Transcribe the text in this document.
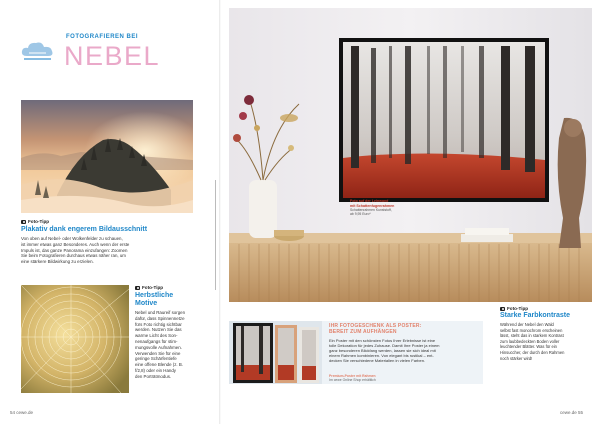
FOTOGRAFIEREN BEI
NEBEL
Foto-Tipp
Plakativ dank engerem Bildausschnitt
Von oben auf Nebel- oder Wolkenfelder zu schauen,
ist immer etwas ganz Besonderes. Auch wenn der erste
Impuls ist, das ganze Panorama einzufangen: Zoomen
Sie beim Fotografieren durchaus etwas näher ran, um
eine stärkere Bildwirkung zu erzielen.
Foto-Tipp
Herbstliche
Motive
Nebel und Raureif sorgen
dafür, dass Spinnennetze
fürs Foto richtig sichtbar
werden. Nutzen Sie das
warme Licht des Son-
nenaufgangs für stim-
mungsvolle Aufnahmen.
Verwenden Sie für eine
geringe Schärfentiefe
eine offene Blende (z. B.
f/2,8) oder ein Handy
den Porträtmodus.
54 cewe.de
Foto auf der Leinwand
mit Schattenfugenrahmen
Schattenrahmen Kunststoff,
ab 9,95 Euro*
IHR FOTOGESCHENK ALS POSTER:
BEREIT ZUM AUFHÄNGEN
Ein Poster mit den schönsten Fotos Ihrer Erlebnisse ist eine
tolle Dekoration für jedes Zuhause. Damit Ihre Poster ja einem
ganz besonderen Blickfang werden, lassen sie sich ideal mit
einem Rahmen kombinieren. Von elegant bis rustikal – ent-
decken Sie verschiedene Materialien in vielen Farben.
Premium-Poster mit Rahmen
Im cewe Online Shop erhältlich
Foto-Tipp
Starke Farbkontraste
Während der Nebel den Wald
selbst fast monochrom erscheinen
lässt, steht das in starkem Kontrast
zum laubbedeckten Boden voller
leuchtender Blätter. Was für ein
Hinsuccher, der durch den Rahmen
noch stärker wird!
cewe.de 55
